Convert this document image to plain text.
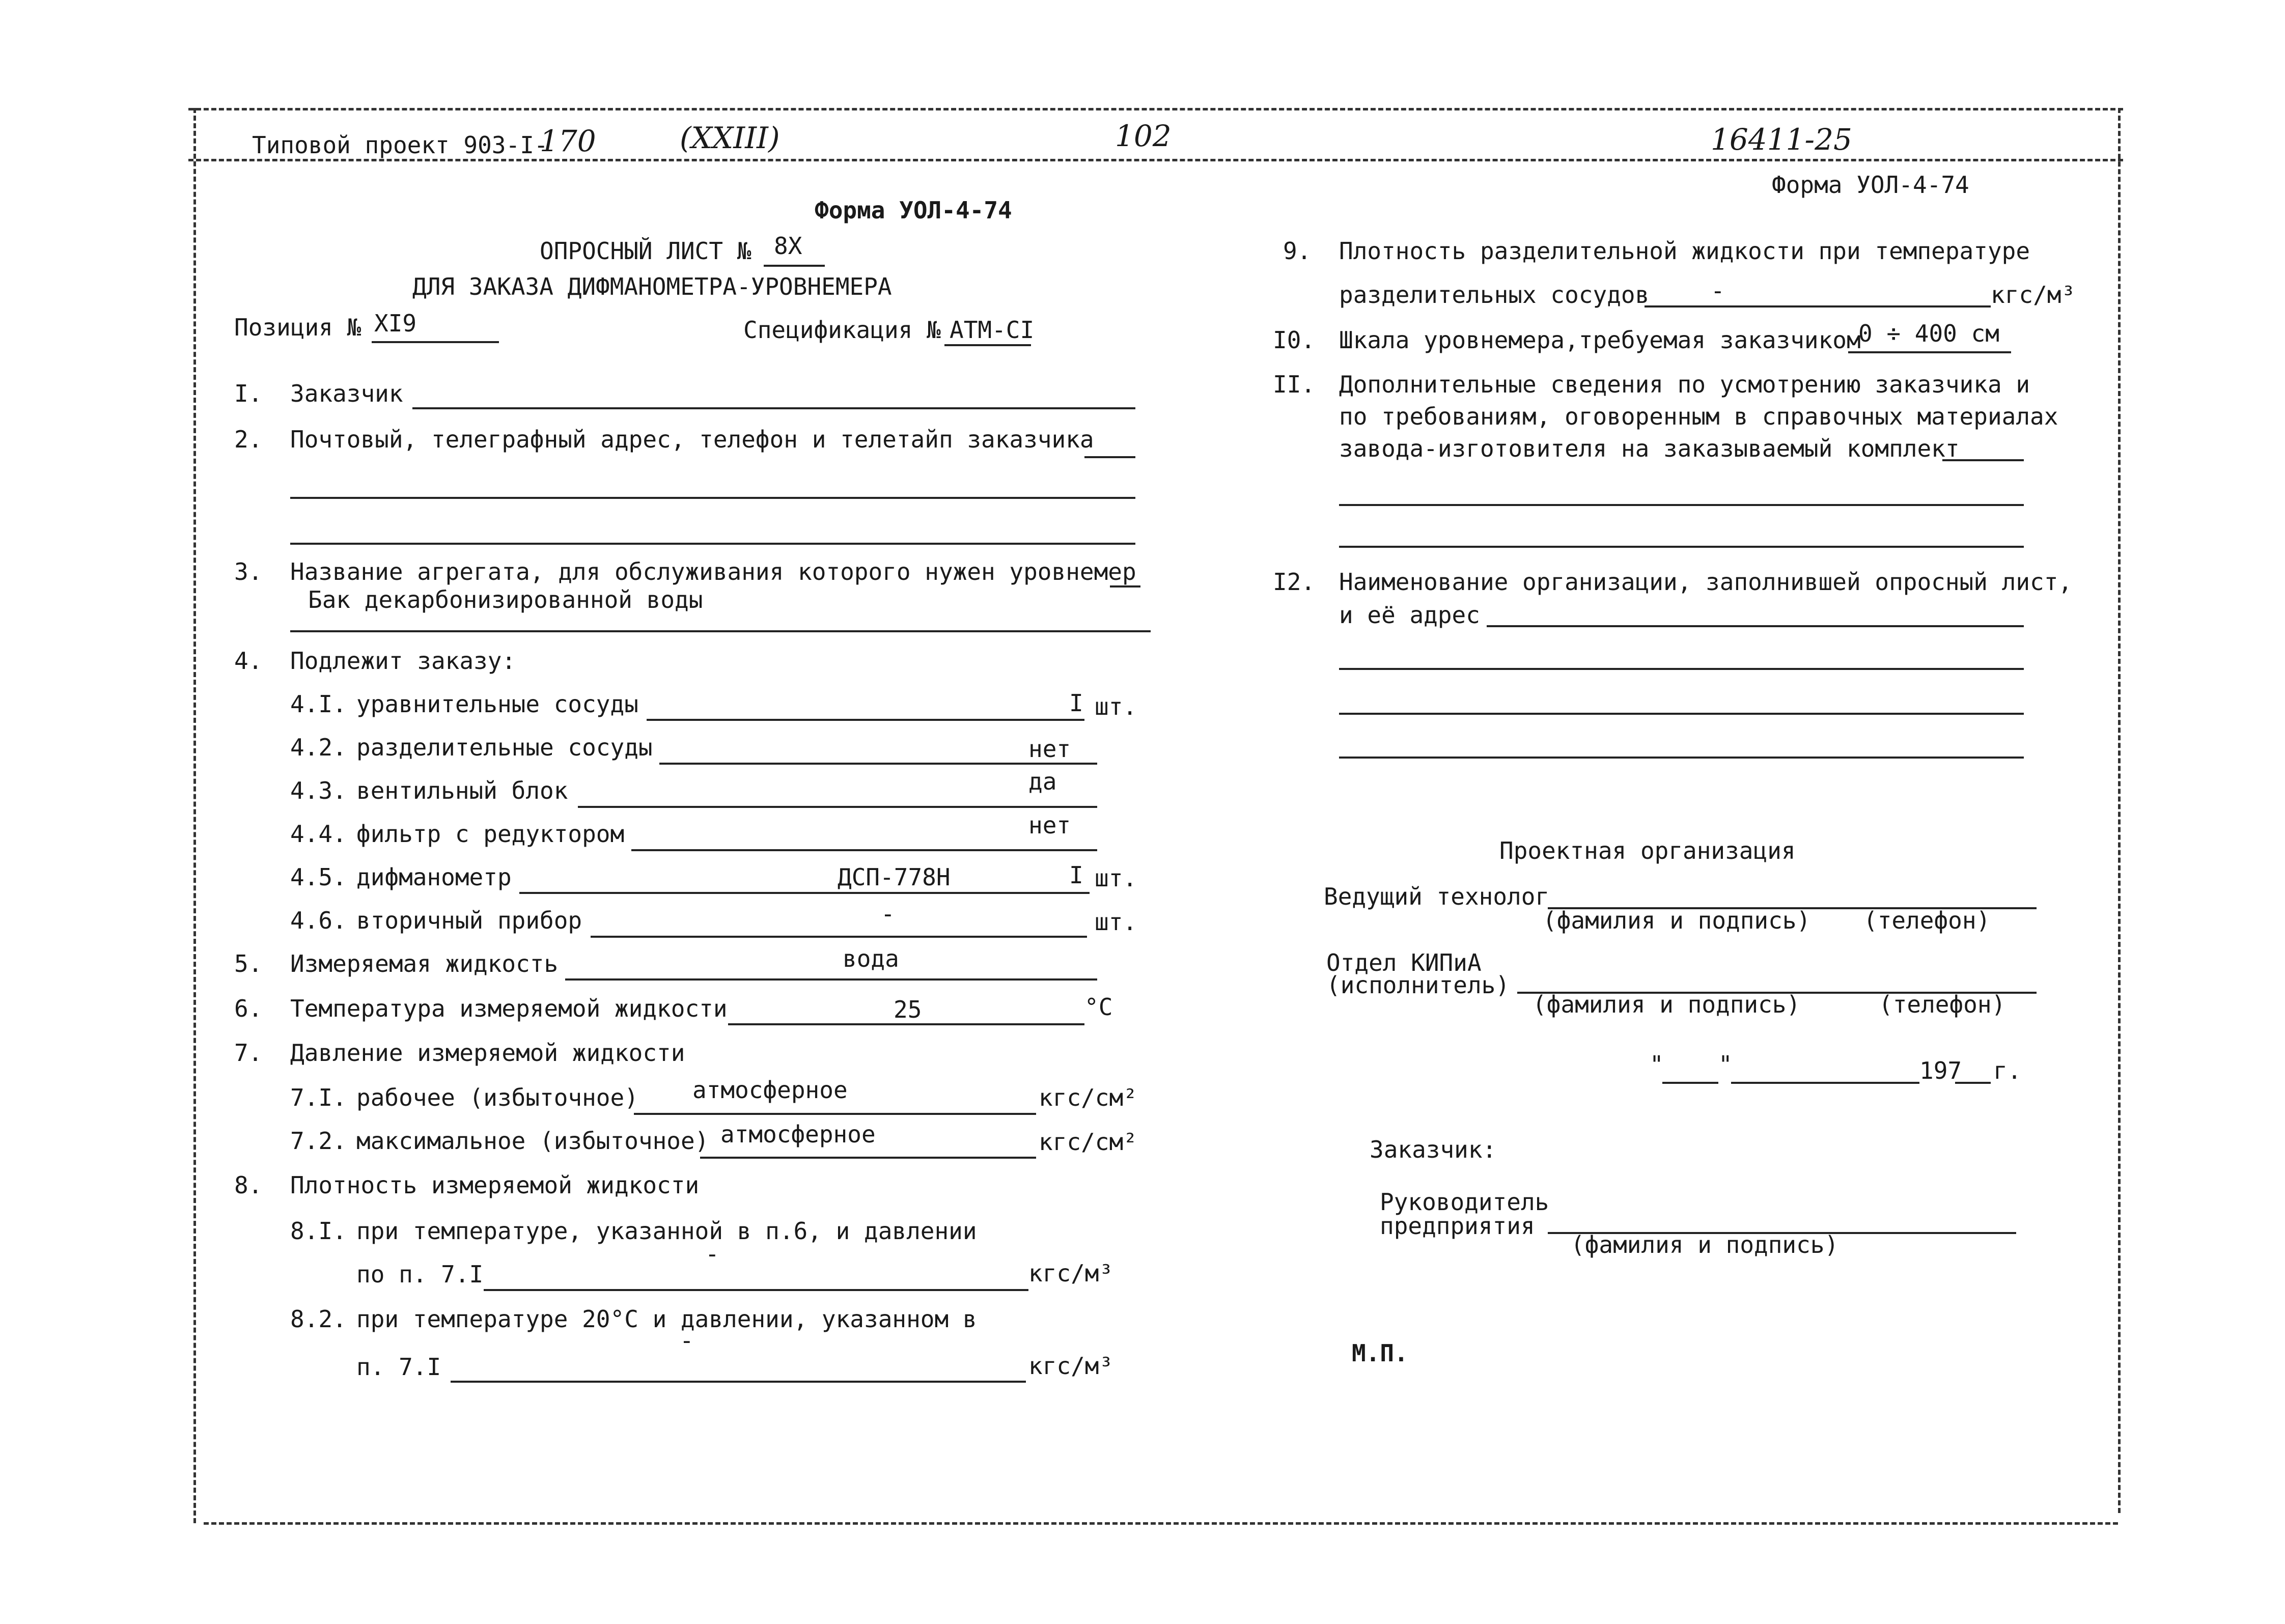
Типовой проект 903-I-
170	(XXIII)	102	16411-25
Форма УОЛ-4-74
Форма УОЛ-4-74
ОПРОСНЫЙ ЛИСТ № 8X
ДЛЯ ЗАКАЗА ДИФМАНОМЕТРА-УРОВНЕМЕРА
Позиция № XI9	Спецификация № ATM-CI
I. Заказчик
2. Почтовый, телеграфный адрес, телефон и телетайп заказчика
3. Название агрегата, для обслуживания которого нужен уровнемер
Бак декарбонизированной воды
4. Подлежит заказу:
4.I. уравнительные сосуды	I шт.
4.2. разделительные сосуды	нет
4.3. вентильный блок	да
4.4. фильтр с редуктором	нет
4.5. дифманометр	ДСП-778Н	I шт.
4.6. вторичный прибор	-	шт.
5. Измеряемая жидкость	вода
6. Температура измеряемой жидкости	25	°С
7. Давление измеряемой жидкости
7.I. рабочее (избыточное) атмосферное	кгс/см²
7.2. максимальное (избыточное) атмосферное	кгс/см²
8. Плотность измеряемой жидкости
8.I. при температуре, указанной в п.6, и давлении
по п. 7.I
-
кгс/м³
8.2. при температуре 20°С и давлении, указанном в
п. 7.I
-
кгс/м³
9. Плотность разделительной жидкости при температуре
разделительных сосудов	-	кгс/м³
I0. Шкала уровнемера,требуемая заказчиком
0 ÷ 400 см
II. Дополнительные сведения по усмотрению заказчика и
по требованиям, оговоренным в справочных материалах
завода-изготовителя на заказываемый комплект
I2. Наименование организации, заполнившей опросный лист,
и её адрес
Проектная организация
Ведущий технолог
(фамилия и подпись) (телефон)
Отдел КИПиА
(исполнитель)
(фамилия и подпись)	(телефон)
" "	197 г.
Заказчик:
Руководитель
предприятия
(фамилия и подпись)
М.П.
